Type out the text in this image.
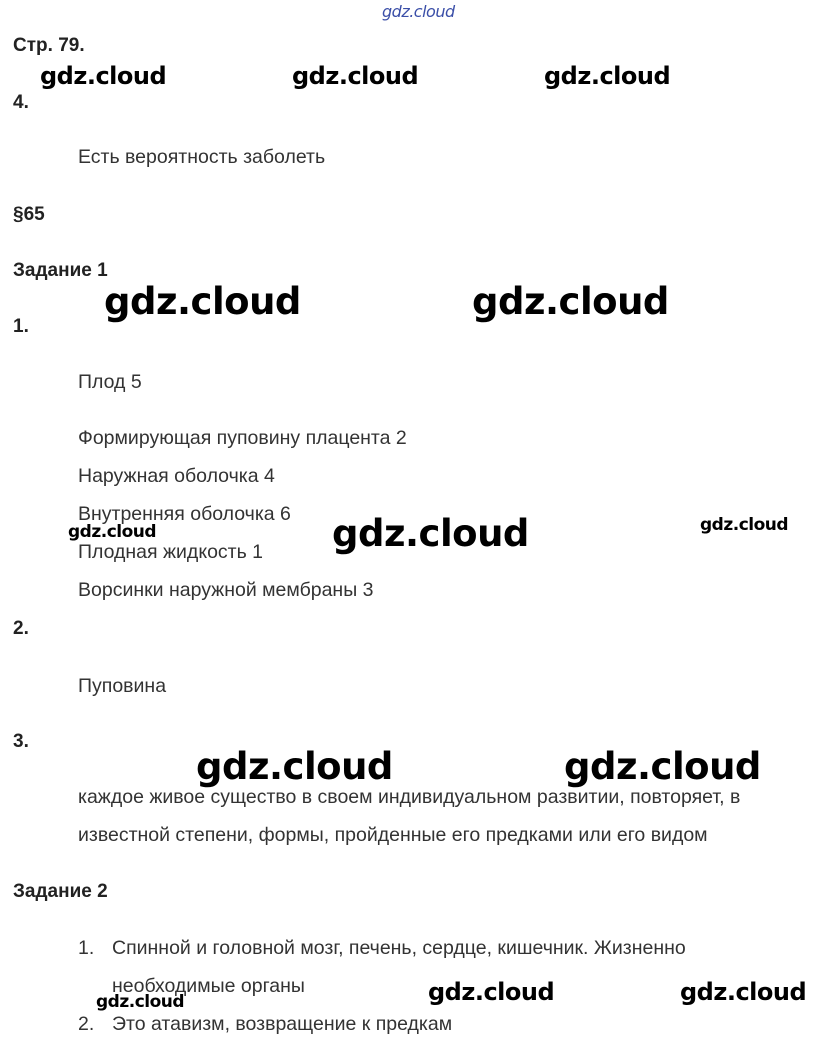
gdz.cloud
Стр. 79.
gdz.cloud	gdz.cloud	gdz.cloud
4.
Есть вероятность заболеть
§65
Задание 1
gdz.cloud	gdz.cloud
1.
Плод 5
Формирующая пуповину плацента 2
Наружная оболочка 4
Внутренняя оболочка 6
Плодная жидкость 1
Ворсинки наружной мембраны 3
gdz.cloud	gdz.cloud	gdz.cloud
2.
Пуповина
3.
gdz.cloud	gdz.cloud
каждое живое существо в своем индивидуальном развитии, повторяет, в
известной степени, формы, пройденные его предками или его видом
Задание 2
1. Спинной и головной мозг, печень, сердце, кишечник. Жизненно
необходимые органы
gdz.cloud	gdz.cloud	gdz.cloud
2. Это атавизм, возвращение к предкам
